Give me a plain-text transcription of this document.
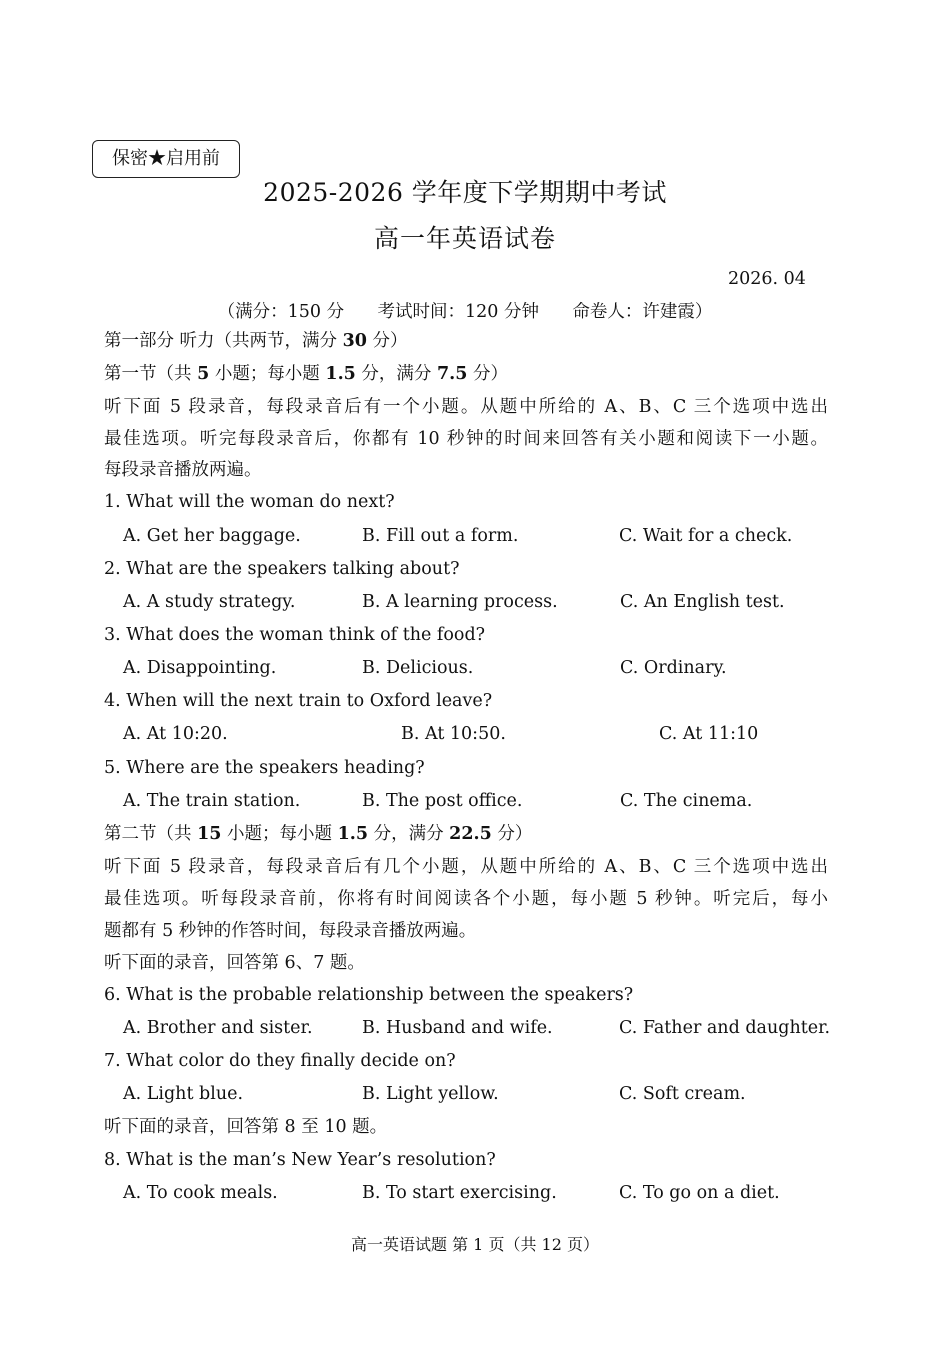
保密★启用前
2025-2026 学年度下学期期中考试
高一年英语试卷
2026. 04
（满分：150 分      考试时间：120 分钟      命卷人：许建霞）
第一部分 听力（共两节，满分 30 分）
第一节（共 5 小题；每小题 1.5 分，满分 7.5 分）
听下面 5 段录音，每段录音后有一个小题。从题中所给的 A、B、C 三个选项中选出
最佳选项。听完每段录音后，你都有 10 秒钟的时间来回答有关小题和阅读下一小题。
每段录音播放两遍。
1. What will the woman do next?
A. Get her baggage.	B. Fill out a form.	C. Wait for a check.
2. What are the speakers talking about?
A. A study strategy.	B. A learning process.	C. An English test.
3. What does the woman think of the food?
A. Disappointing.	B. Delicious.	C. Ordinary.
4. When will the next train to Oxford leave?
A. At 10:20.	B. At 10:50.	C. At 11:10
5. Where are the speakers heading?
A. The train station.	B. The post office.	C. The cinema.
第二节（共 15 小题；每小题 1.5 分，满分 22.5 分）
听下面 5 段录音，每段录音后有几个小题，从题中所给的 A、B、C 三个选项中选出
最佳选项。听每段录音前，你将有时间阅读各个小题，每小题 5 秒钟。听完后，每小
题都有 5 秒钟的作答时间，每段录音播放两遍。
听下面的录音，回答第 6、7 题。
6. What is the probable relationship between the speakers?
A. Brother and sister.	B. Husband and wife.	C. Father and daughter.
7. What color do they finally decide on?
A. Light blue.	B. Light yellow.	C. Soft cream.
听下面的录音，回答第 8 至 10 题。
8. What is the man’s New Year’s resolution?
A. To cook meals.	B. To start exercising.	C. To go on a diet.
高一英语试题 第 1 页（共 12 页）
